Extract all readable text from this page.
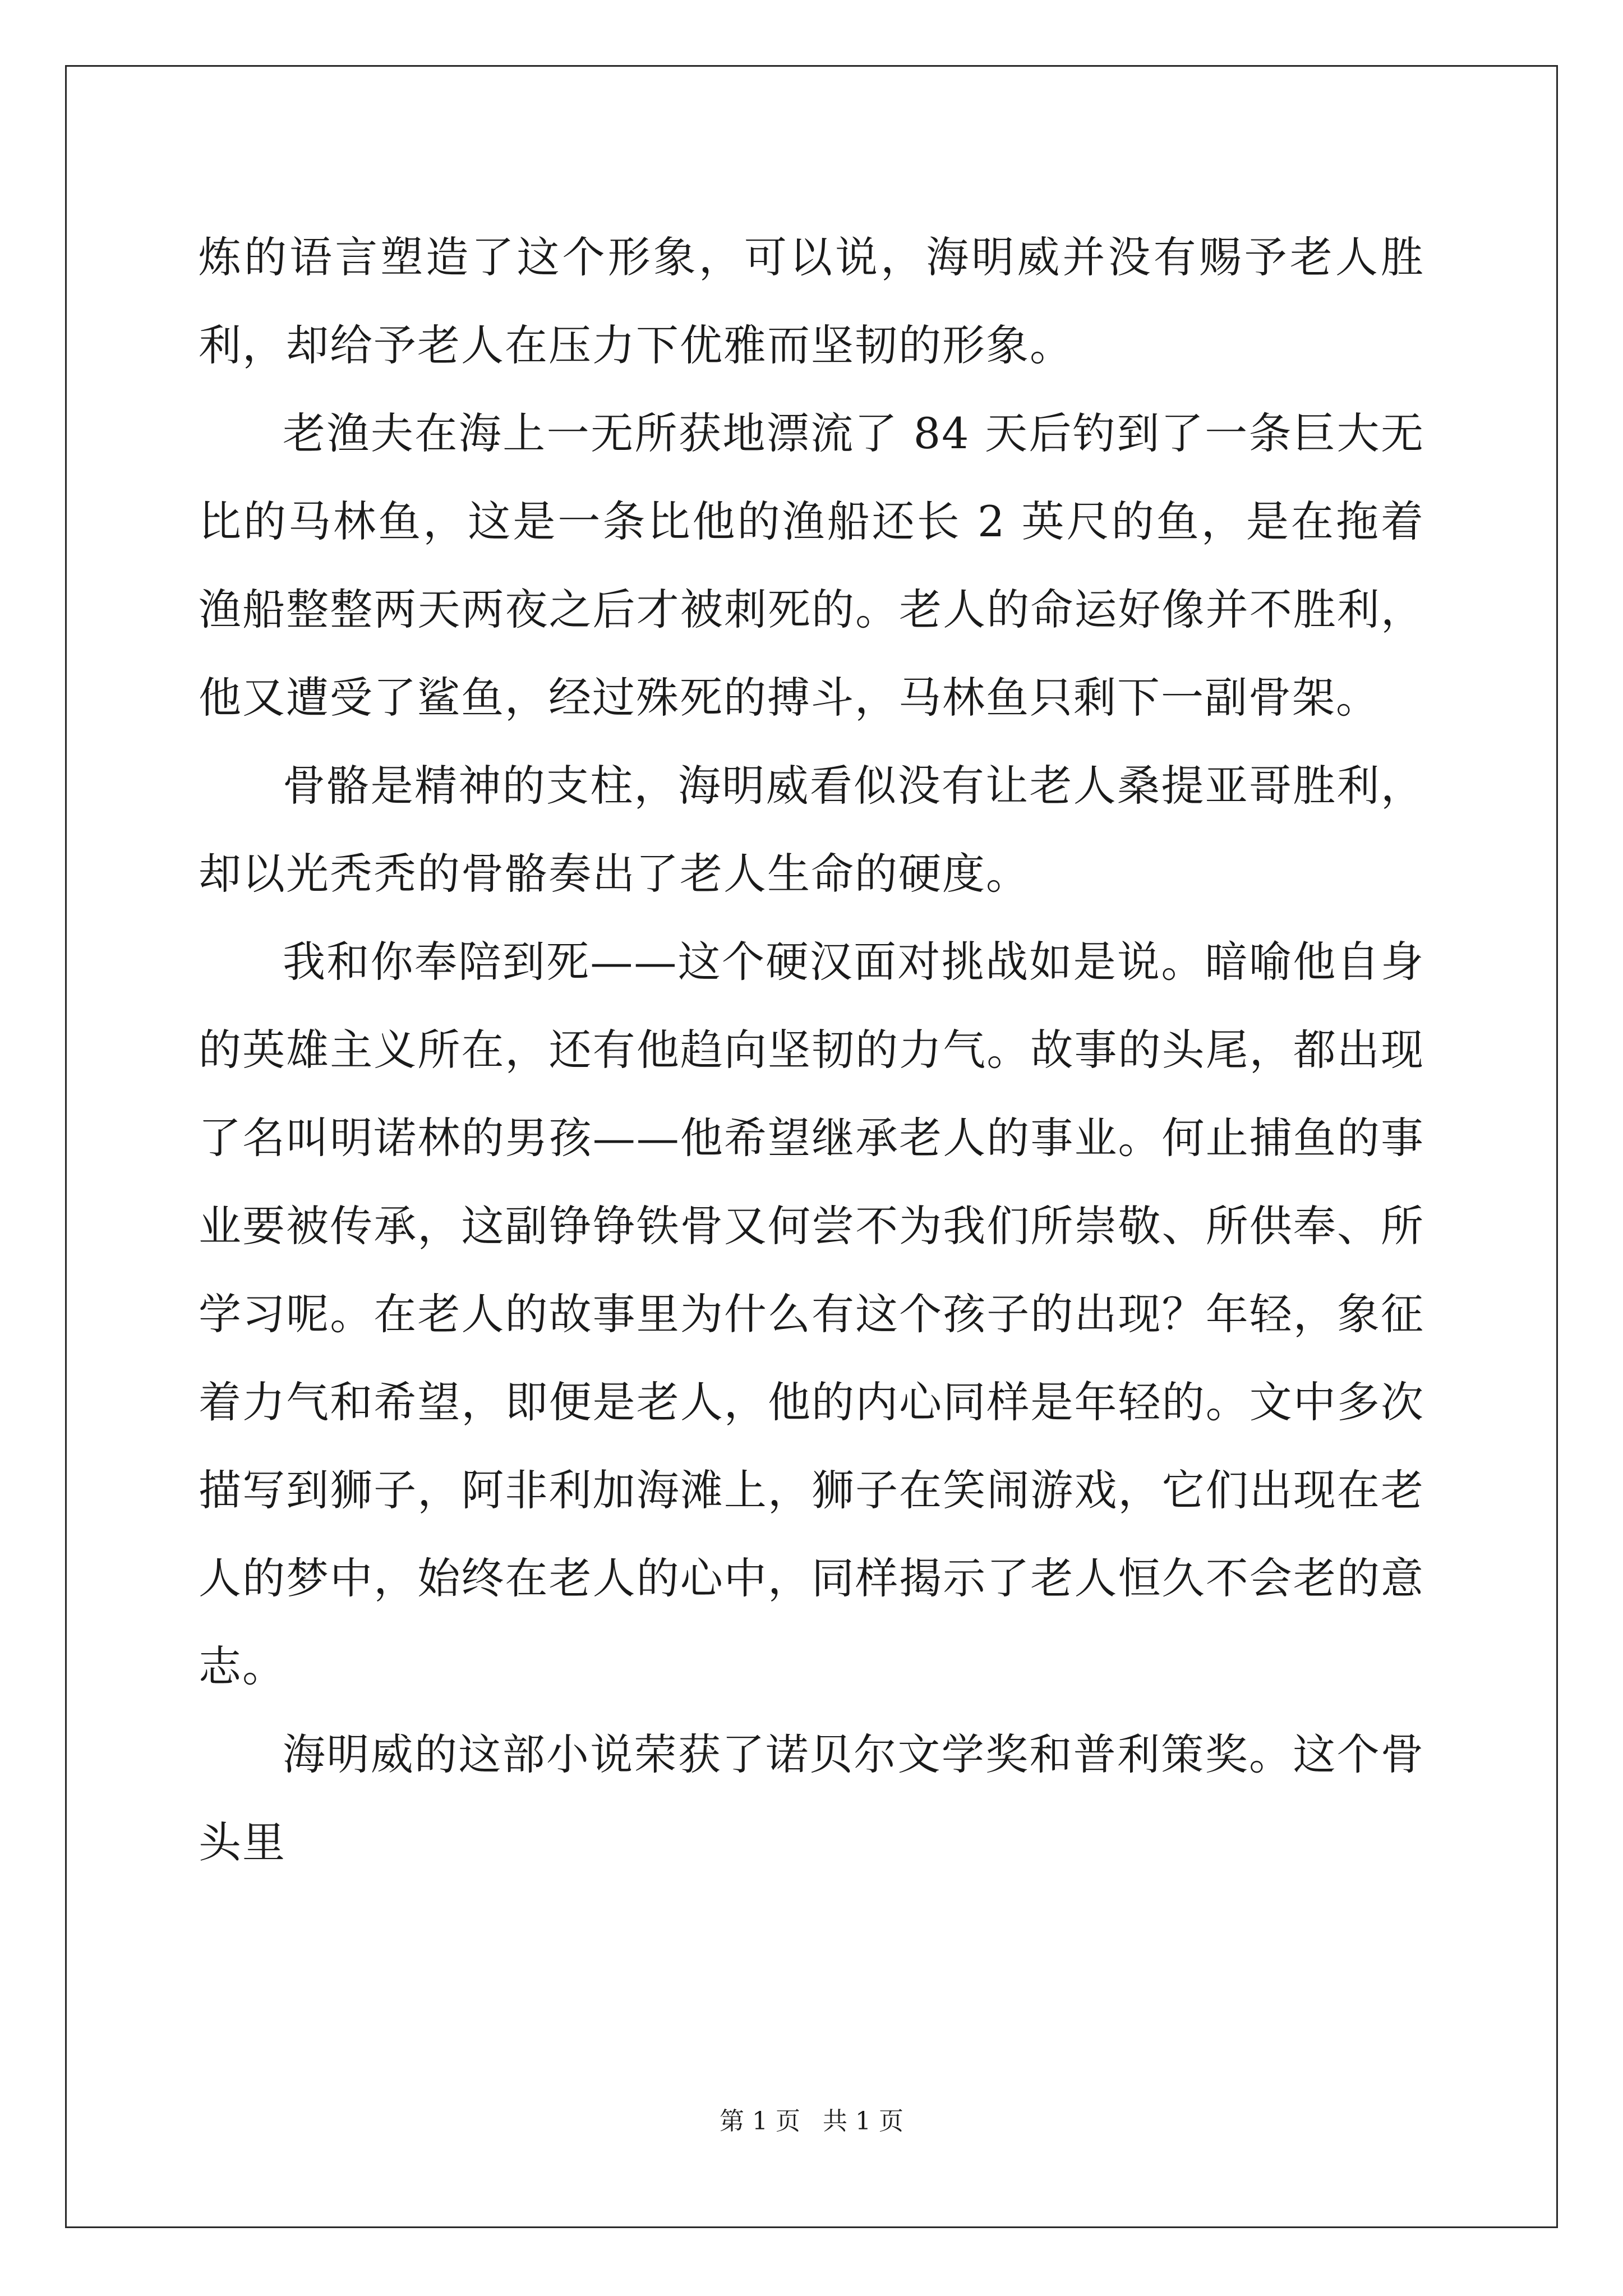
炼的语言塑造了这个形象，可以说，海明威并没有赐予老人胜利，却给予老人在压力下优雅而坚韧的形象。

老渔夫在海上一无所获地漂流了 84 天后钓到了一条巨大无比的马林鱼，这是一条比他的渔船还长 2 英尺的鱼，是在拖着渔船整整两天两夜之后才被刺死的。老人的命运好像并不胜利，他又遭受了鲨鱼，经过殊死的搏斗，马林鱼只剩下一副骨架。

骨骼是精神的支柱，海明威看似没有让老人桑提亚哥胜利，却以光秃秃的骨骼奏出了老人生命的硬度。

我和你奉陪到死——这个硬汉面对挑战如是说。暗喻他自身的英雄主义所在，还有他趋向坚韧的力气。故事的头尾，都出现了名叫明诺林的男孩——他希望继承老人的事业。何止捕鱼的事业要被传承，这副铮铮铁骨又何尝不为我们所崇敬、所供奉、所学习呢。在老人的故事里为什么有这个孩子的出现？年轻，象征着力气和希望，即便是老人，他的内心同样是年轻的。文中多次描写到狮子，阿非利加海滩上，狮子在笑闹游戏，它们出现在老人的梦中，始终在老人的心中，同样揭示了老人恒久不会老的意志。

海明威的这部小说荣获了诺贝尔文学奖和普利策奖。这个骨头里

第 1 页 共 1 页
